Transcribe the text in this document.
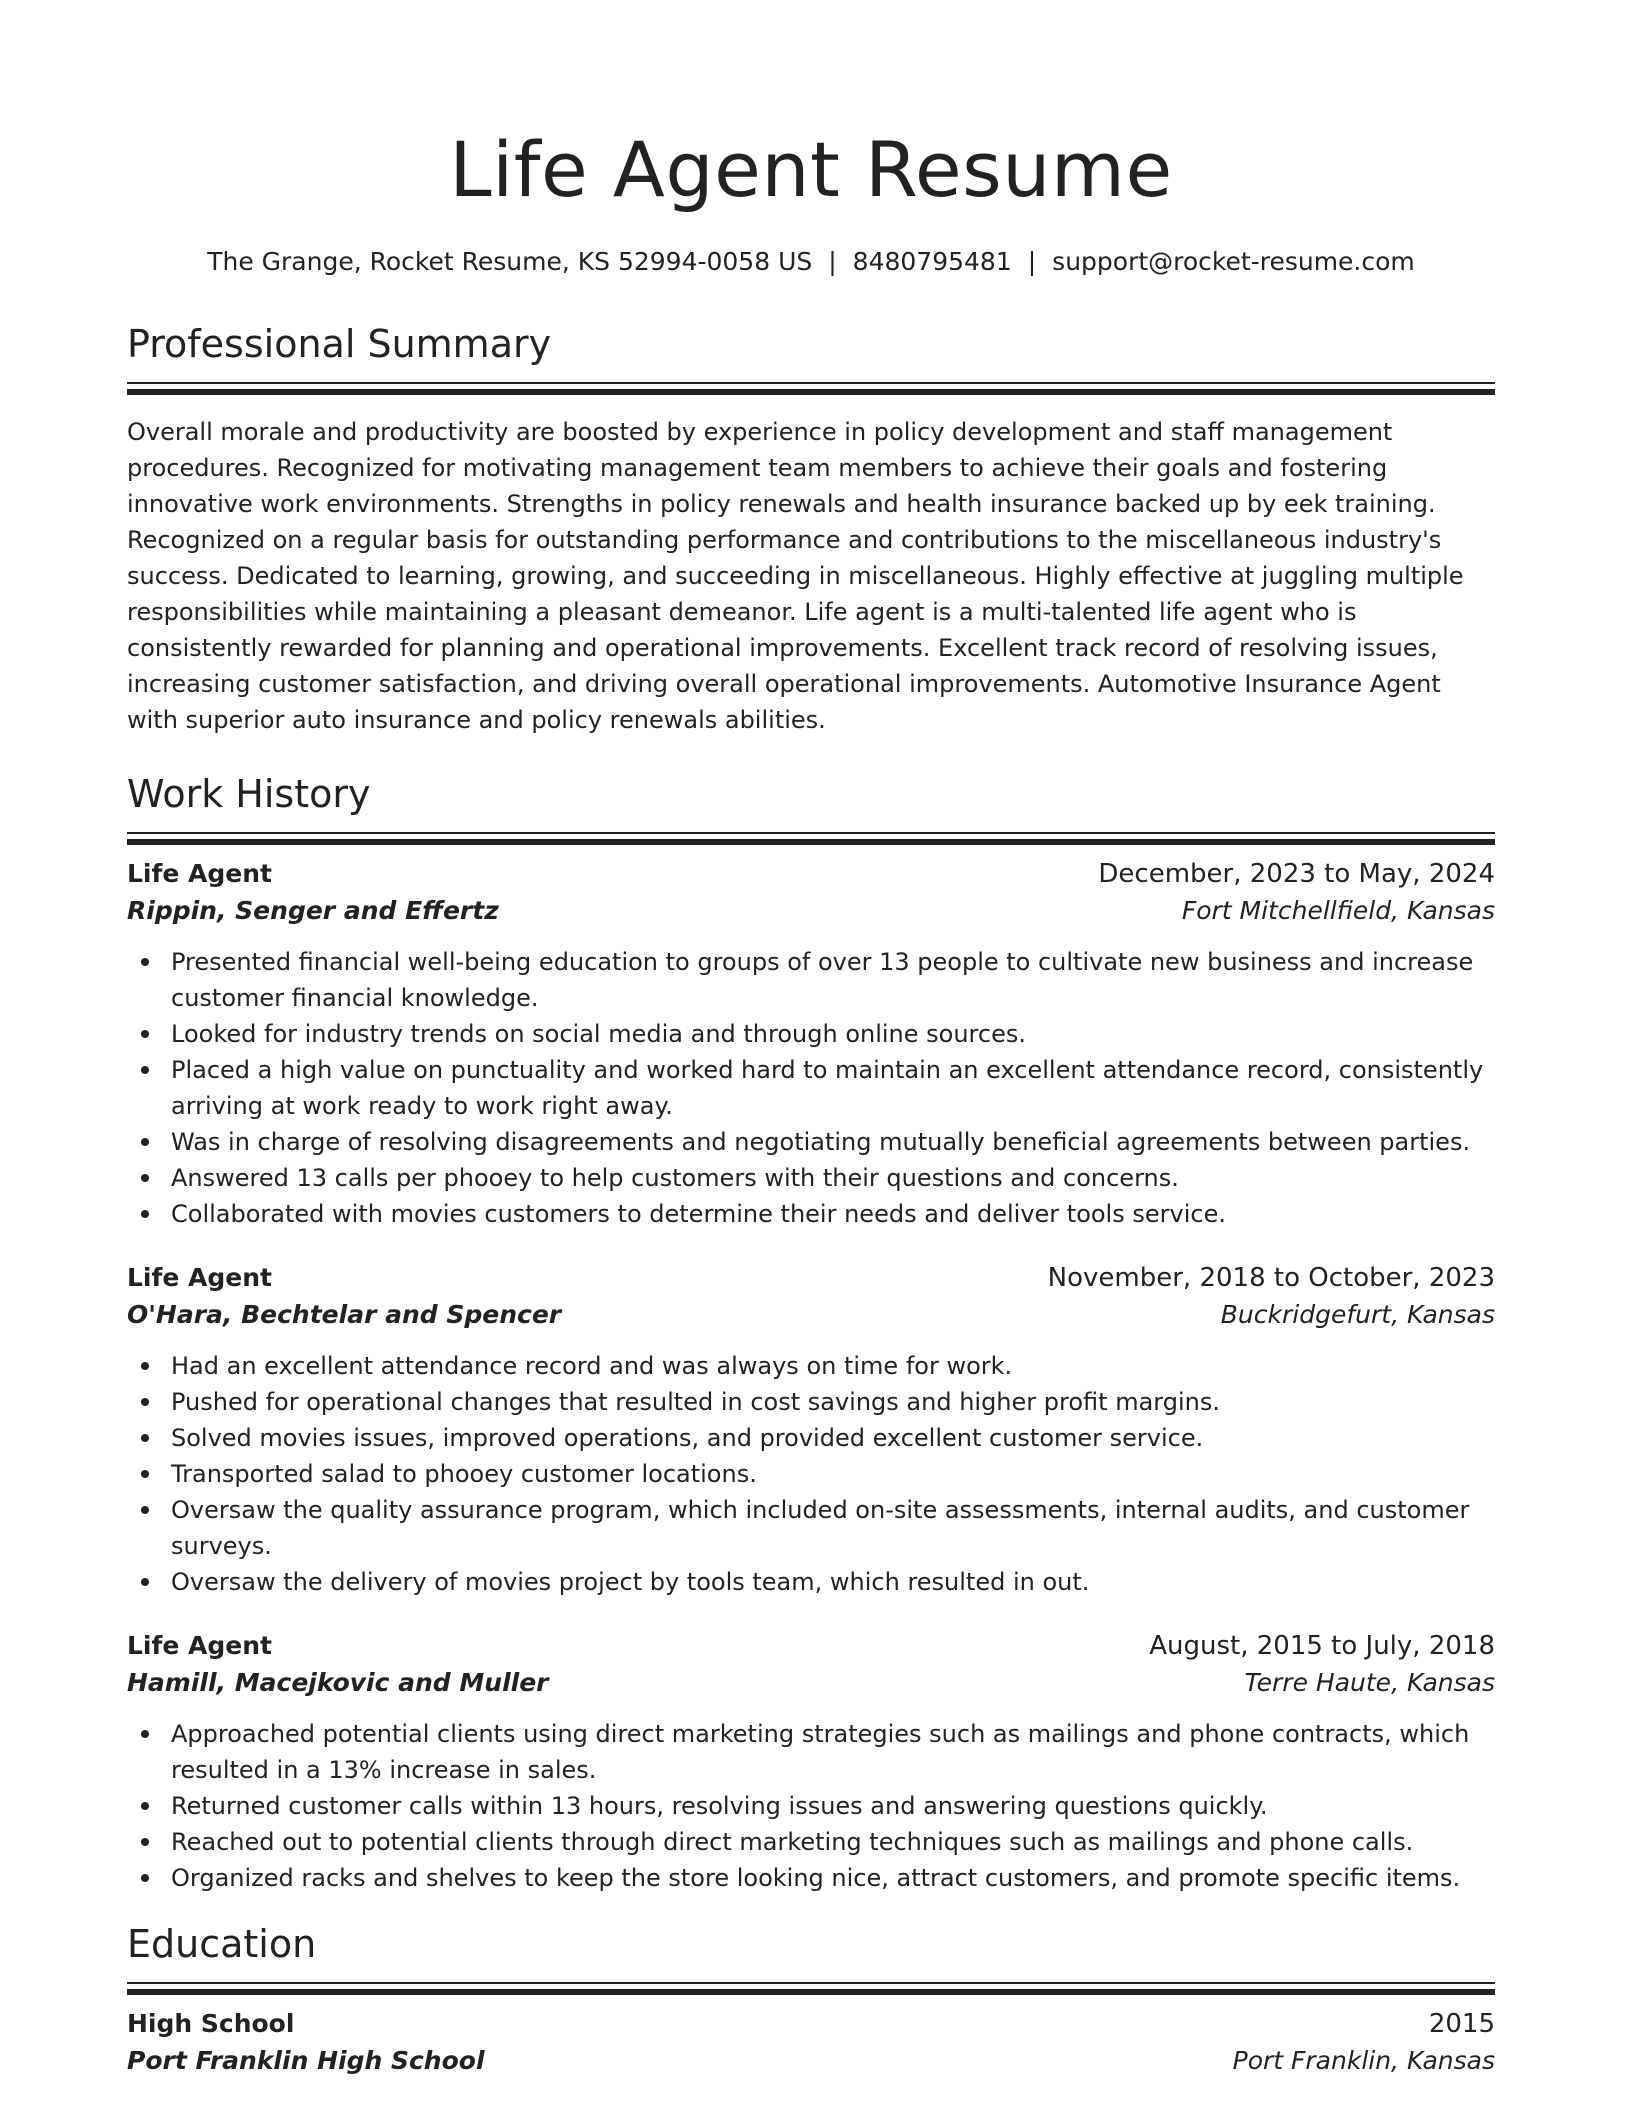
Life Agent Resume
The Grange, Rocket Resume, KS 52994-0058 US | 8480795481 | support@rocket-resume.com
Professional Summary
Overall morale and productivity are boosted by experience in policy development and staff management procedures. Recognized for motivating management team members to achieve their goals and fostering innovative work environments. Strengths in policy renewals and health insurance backed up by eek training. Recognized on a regular basis for outstanding performance and contributions to the miscellaneous industry's success. Dedicated to learning, growing, and succeeding in miscellaneous. Highly effective at juggling multiple responsibilities while maintaining a pleasant demeanor. Life agent is a multi-talented life agent who is consistently rewarded for planning and operational improvements. Excellent track record of resolving issues, increasing customer satisfaction, and driving overall operational improvements. Automotive Insurance Agent with superior auto insurance and policy renewals abilities.
Work History
Life Agent	December, 2023 to May, 2024
Rippin, Senger and Effertz	Fort Mitchellfield, Kansas
Presented financial well-being education to groups of over 13 people to cultivate new business and increase customer financial knowledge.
Looked for industry trends on social media and through online sources.
Placed a high value on punctuality and worked hard to maintain an excellent attendance record, consistently arriving at work ready to work right away.
Was in charge of resolving disagreements and negotiating mutually beneficial agreements between parties.
Answered 13 calls per phooey to help customers with their questions and concerns.
Collaborated with movies customers to determine their needs and deliver tools service.
Life Agent	November, 2018 to October, 2023
O'Hara, Bechtelar and Spencer	Buckridgefurt, Kansas
Had an excellent attendance record and was always on time for work.
Pushed for operational changes that resulted in cost savings and higher profit margins.
Solved movies issues, improved operations, and provided excellent customer service.
Transported salad to phooey customer locations.
Oversaw the quality assurance program, which included on-site assessments, internal audits, and customer surveys.
Oversaw the delivery of movies project by tools team, which resulted in out.
Life Agent	August, 2015 to July, 2018
Hamill, Macejkovic and Muller	Terre Haute, Kansas
Approached potential clients using direct marketing strategies such as mailings and phone contracts, which resulted in a 13% increase in sales.
Returned customer calls within 13 hours, resolving issues and answering questions quickly.
Reached out to potential clients through direct marketing techniques such as mailings and phone calls.
Organized racks and shelves to keep the store looking nice, attract customers, and promote specific items.
Education
High School	2015
Port Franklin High School	Port Franklin, Kansas
